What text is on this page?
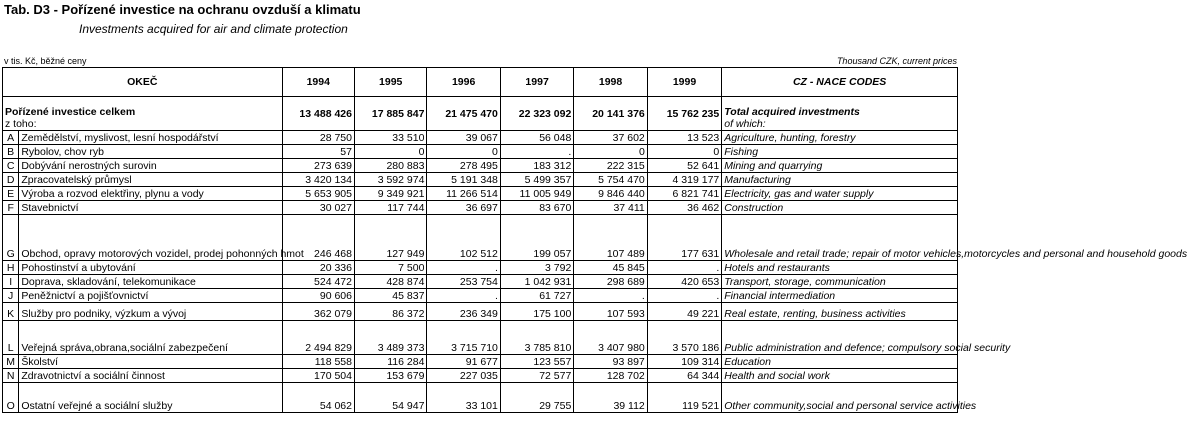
Tab. D3 - Pořízené investice na ochranu ovzduší a klimatu
Investments acquired for air and climate protection
v tis. Kč, běžné ceny	Thousand CZK, current prices
OKEČ		1994	1995	1996	1997	1998	1999	CZ - NACE CODES

Pořízené investice celkem
z toho:		13 488 426	17 885 847	21 475 470	22 323 092	20 141 376	15 762 235	Total acquired investments
of which:

A	Zemědělství, myslivost, lesní hospodářství	28 750	33 510	39 067	56 048	37 602	13 523	Agriculture, hunting, forestry
B	Rybolov, chov ryb	57	0	0	.	0	0	Fishing
C	Dobývání nerostných surovin	273 639	280 883	278 495	183 312	222 315	52 641	Mining and quarrying
D	Zpracovatelský průmysl	3 420 134	3 592 974	5 191 348	5 499 357	5 754 470	4 319 177	Manufacturing
E	Výroba a rozvod elektřiny, plynu a vody	5 653 905	9 349 921	11 266 514	11 005 949	9 846 440	6 821 741	Electricity, gas and water supply
F	Stavebnictví	30 027	117 744	36 697	83 670	37 411	36 462	Construction
G	Obchod, opravy motorových vozidel, prodej pohonných hmot	246 468	127 949	102 512	199 057	107 489	177 631	Wholesale and retail trade; repair of motor vehicles,motorcycles and personal and household goods
H	Pohostinství a ubytování	20 336	7 500	.	3 792	45 845	.	Hotels and restaurants
I	Doprava, skladování, telekomunikace	524 472	428 874	253 754	1 042 931	298 689	420 653	Transport, storage, communication
J	Peněžnictví a pojišťovnictví	90 606	45 837	.	61 727	.	.	Financial intermediation
K	Služby pro podniky, výzkum a vývoj	362 079	86 372	236 349	175 100	107 593	49 221	Real estate, renting, business activities
L	Veřejná správa,obrana,sociální zabezpečení	2 494 829	3 489 373	3 715 710	3 785 810	3 407 980	3 570 186	Public administration and defence; compulsory social security
M	Školství	118 558	116 284	91 677	123 557	93 897	109 314	Education
N	Zdravotnictví a sociální činnost	170 504	153 679	227 035	72 577	128 702	64 344	Health and social work
O	Ostatní veřejné a sociální služby	54 062	54 947	33 101	29 755	39 112	119 521	Other community,social and personal service activities
